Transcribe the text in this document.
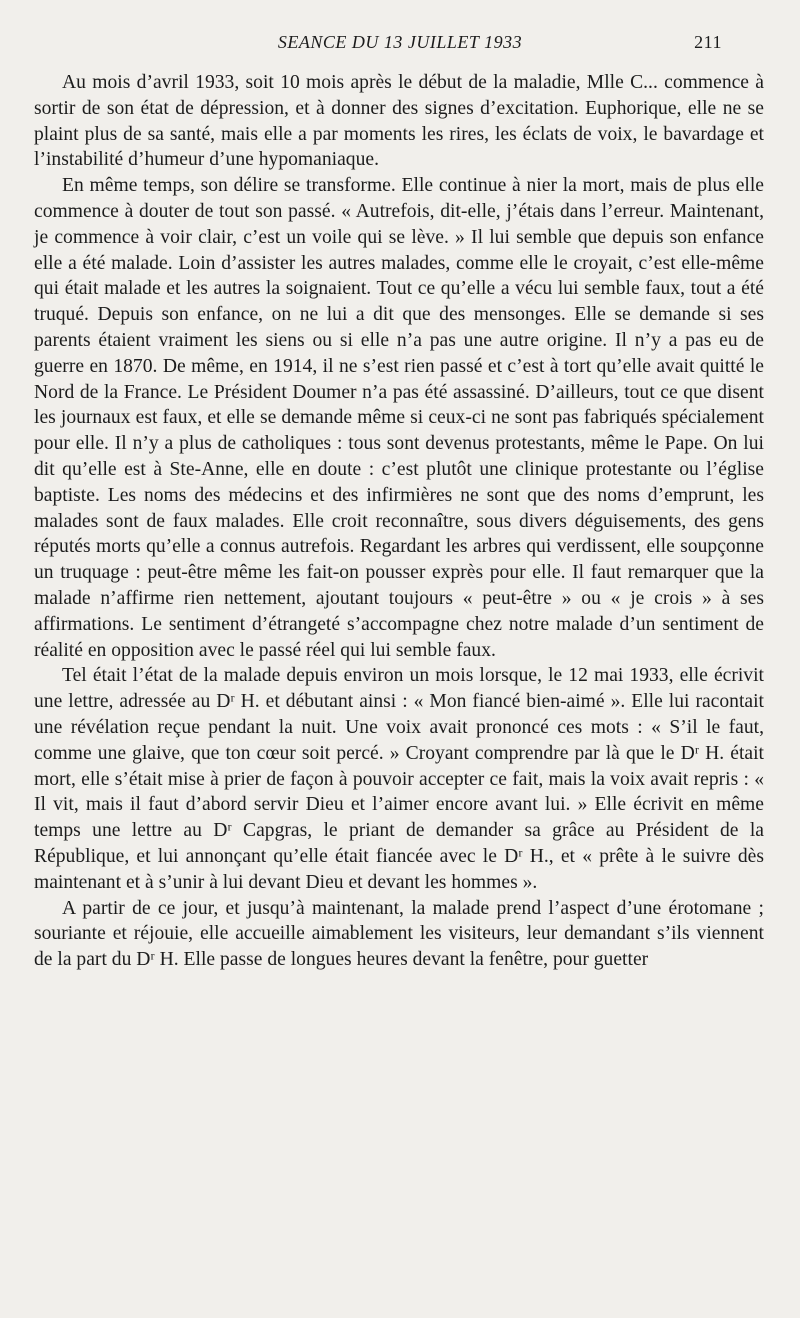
SEANCE DU 13 JUILLET 1933	211

Au mois d’avril 1933, soit 10 mois après le début de la maladie, Mlle C... commence à sortir de son état de dépression, et à donner des signes d’excitation. Euphorique, elle ne se plaint plus de sa santé, mais elle a par moments les rires, les éclats de voix, le bavardage et l’instabilité d’humeur d’une hypomaniaque.

En même temps, son délire se transforme. Elle continue à nier la mort, mais de plus elle commence à douter de tout son passé. « Autrefois, dit-elle, j’étais dans l’erreur. Maintenant, je commence à voir clair, c’est un voile qui se lève. » Il lui semble que depuis son enfance elle a été malade. Loin d’assister les autres malades, comme elle le croyait, c’est elle-même qui était malade et les autres la soignaient. Tout ce qu’elle a vécu lui semble faux, tout a été truqué. Depuis son enfance, on ne lui a dit que des mensonges. Elle se demande si ses parents étaient vraiment les siens ou si elle n’a pas une autre origine. Il n’y a pas eu de guerre en 1870. De même, en 1914, il ne s’est rien passé et c’est à tort qu’elle avait quitté le Nord de la France. Le Président Doumer n’a pas été assassiné. D’ailleurs, tout ce que disent les journaux est faux, et elle se demande même si ceux-ci ne sont pas fabriqués spécialement pour elle. Il n’y a plus de catholiques : tous sont devenus protestants, même le Pape. On lui dit qu’elle est à Ste-Anne, elle en doute : c’est plutôt une clinique protestante ou l’église baptiste. Les noms des médecins et des infirmières ne sont que des noms d’emprunt, les malades sont de faux malades. Elle croit reconnaître, sous divers déguisements, des gens réputés morts qu’elle a connus autrefois. Regardant les arbres qui verdissent, elle soupçonne un truquage : peut-être même les fait-on pousser exprès pour elle. Il faut remarquer que la malade n’affirme rien nettement, ajoutant toujours « peut-être » ou « je crois » à ses affirmations. Le sentiment d’étrangeté s’accompagne chez notre malade d’un sentiment de réalité en opposition avec le passé réel qui lui semble faux.

Tel était l’état de la malade depuis environ un mois lorsque, le 12 mai 1933, elle écrivit une lettre, adressée au Dʳ H. et débutant ainsi : « Mon fiancé bien-aimé ». Elle lui racontait une révélation reçue pendant la nuit. Une voix avait prononcé ces mots : « S’il le faut, comme une glaive, que ton cœur soit percé. » Croyant comprendre par là que le Dʳ H. était mort, elle s’était mise à prier de façon à pouvoir accepter ce fait, mais la voix avait repris : « Il vit, mais il faut d’abord servir Dieu et l’aimer encore avant lui. » Elle écrivit en même temps une lettre au Dʳ Capgras, le priant de demander sa grâce au Président de la République, et lui annonçant qu’elle était fiancée avec le Dʳ H., et « prête à le suivre dès maintenant et à s’unir à lui devant Dieu et devant les hommes ».

A partir de ce jour, et jusqu’à maintenant, la malade prend l’aspect d’une érotomane ; souriante et réjouie, elle accueille aimablement les visiteurs, leur demandant s’ils viennent de la part du Dʳ H. Elle passe de longues heures devant la fenêtre, pour guetter
